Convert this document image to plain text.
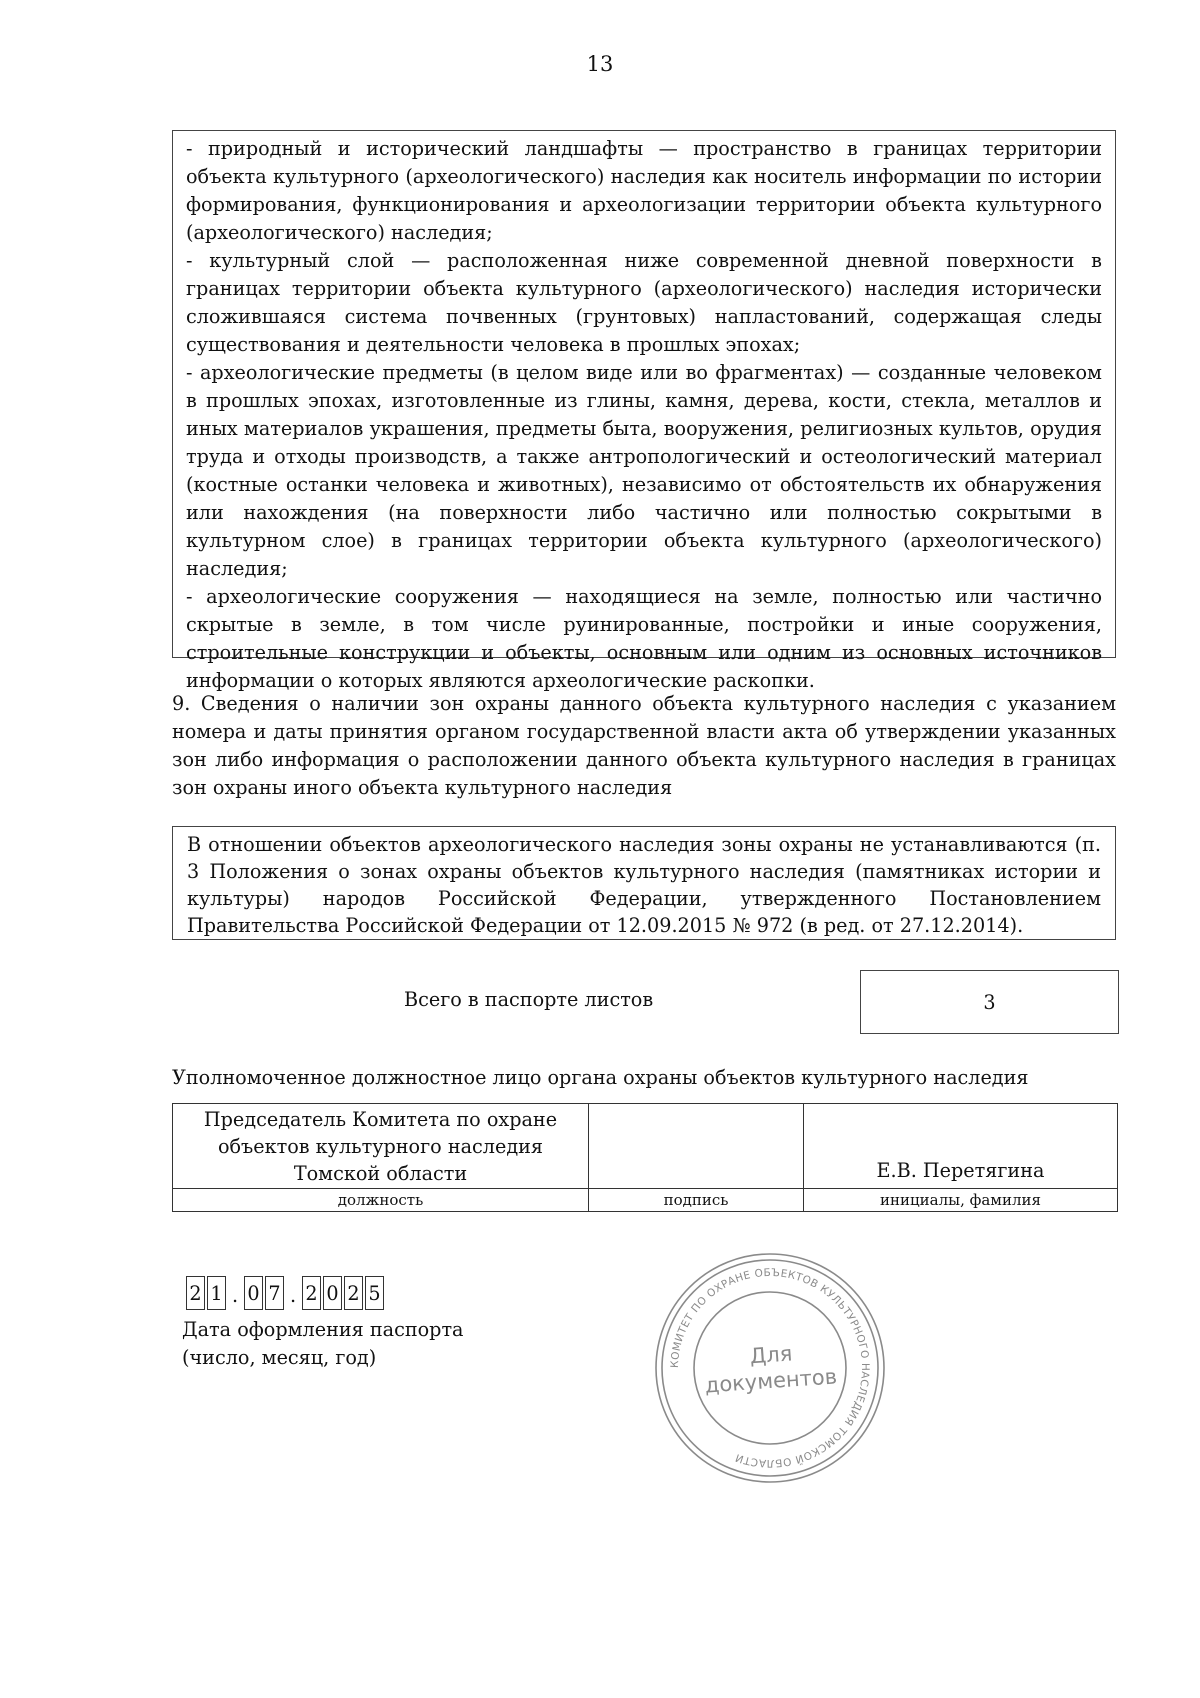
13

- природный и исторический ландшафты — пространство в границах территории объекта культурного (археологического) наследия как носитель информации по истории формирования, функционирования и археологизации территории объекта культурного (археологического) наследия;

- культурный слой — расположенная ниже современной дневной поверхности в границах территории объекта культурного (археологического) наследия исторически сложившаяся система почвенных (грунтовых) напластований, содержащая следы существования и деятельности человека в прошлых эпохах;

- археологические предметы (в целом виде или во фрагментах) — созданные человеком в прошлых эпохах, изготовленные из глины, камня, дерева, кости, стекла, металлов и иных материалов украшения, предметы быта, вооружения, религиозных культов, орудия труда и отходы производств, а также антропологический и остеологический материал (костные останки человека и животных), независимо от обстоятельств их обнаружения или нахождения (на поверхности либо частично или полностью сокрытыми в культурном слое) в границах территории объекта культурного (археологического) наследия;

- археологические сооружения — находящиеся на земле, полностью или частично скрытые в земле, в том числе руинированные, постройки и иные сооружения, строительные конструкции и объекты, основным или одним из основных источников информации о которых являются археологические раскопки.

9. Сведения о наличии зон охраны данного объекта культурного наследия с указанием номера и даты принятия органом государственной власти акта об утверждении указанных зон либо информация о расположении данного объекта культурного наследия в границах зон охраны иного объекта культурного наследия

В отношении объектов археологического наследия зоны охраны не устанавливаются (п. 3 Положения о зонах охраны объектов культурного наследия (памятниках истории и культуры) народов Российской Федерации, утвержденного Постановлением Правительства Российской Федерации от 12.09.2015 № 972 (в ред. от 27.12.2014).
Всего в паспорте листов	3
Уполномоченное должностное лицо органа охраны объектов культурного наследия
Председатель Комитета по охране
объектов культурного наследия
Томской области		Е.В. Перетягина
должность	подпись	инициалы, фамилия
2 1 . 0 7 . 2 0 2 5

Дата оформления паспорта
(число, месяц, год)	КОМИТЕТ ПО ОХРАНЕ ОБЪЕКТОВ КУЛЬТУРНОГО НАСЛЕДИЯ ТОМСКОЙ ОБЛАСТИ
Для
документов
